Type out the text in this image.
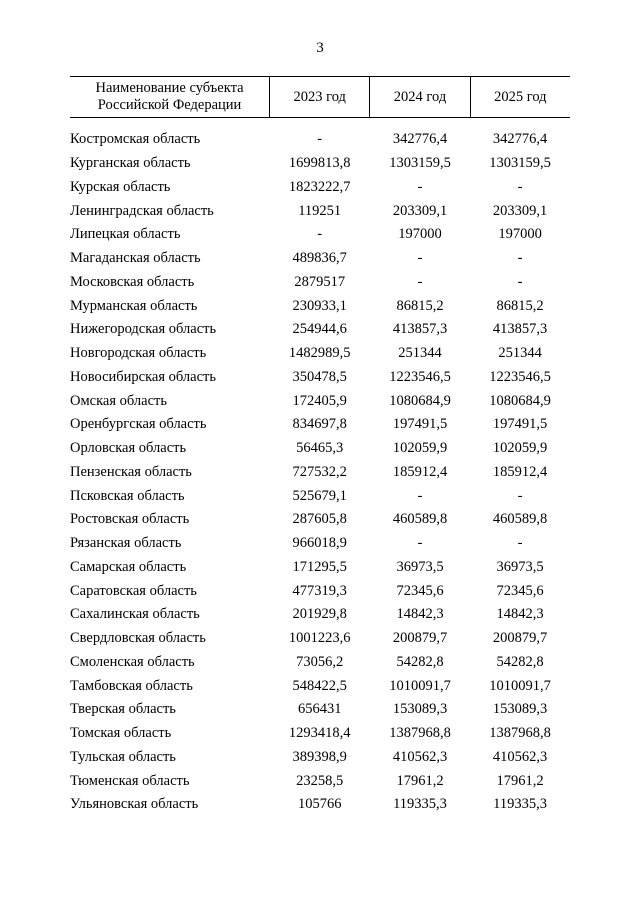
3
Наименование субъекта
Российской Федерации	2023 год	2024 год	2025 год

Костромская область	-	342776,4	342776,4
Курганская область	1699813,8	1303159,5	1303159,5
Курская область	1823222,7	-	-
Ленинградская область	119251	203309,1	203309,1
Липецкая область	-	197000	197000
Магаданская область	489836,7	-	-
Московская область	2879517	-	-
Мурманская область	230933,1	86815,2	86815,2
Нижегородская область	254944,6	413857,3	413857,3
Новгородская область	1482989,5	251344	251344
Новосибирская область	350478,5	1223546,5	1223546,5
Омская область	172405,9	1080684,9	1080684,9
Оренбургская область	834697,8	197491,5	197491,5
Орловская область	56465,3	102059,9	102059,9
Пензенская область	727532,2	185912,4	185912,4
Псковская область	525679,1	-	-
Ростовская область	287605,8	460589,8	460589,8
Рязанская область	966018,9	-	-
Самарская область	171295,5	36973,5	36973,5
Саратовская область	477319,3	72345,6	72345,6
Сахалинская область	201929,8	14842,3	14842,3
Свердловская область	1001223,6	200879,7	200879,7
Смоленская область	73056,2	54282,8	54282,8
Тамбовская область	548422,5	1010091,7	1010091,7
Тверская область	656431	153089,3	153089,3
Томская область	1293418,4	1387968,8	1387968,8
Тульская область	389398,9	410562,3	410562,3
Тюменская область	23258,5	17961,2	17961,2
Ульяновская область	105766	119335,3	119335,3
